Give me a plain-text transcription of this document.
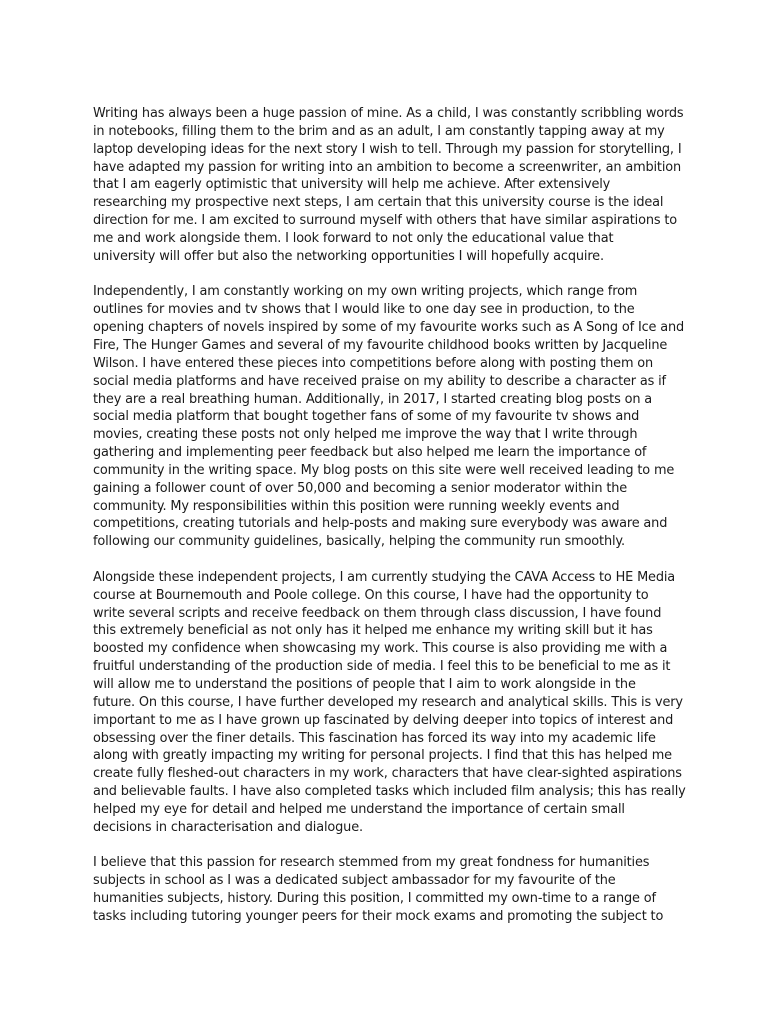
Writing has always been a huge passion of mine. As a child, I was constantly scribbling words
in notebooks, filling them to the brim and as an adult, I am constantly tapping away at my
laptop developing ideas for the next story I wish to tell. Through my passion for storytelling, I
have adapted my passion for writing into an ambition to become a screenwriter, an ambition
that I am eagerly optimistic that university will help me achieve. After extensively
researching my prospective next steps, I am certain that this university course is the ideal
direction for me. I am excited to surround myself with others that have similar aspirations to
me and work alongside them. I look forward to not only the educational value that
university will offer but also the networking opportunities I will hopefully acquire.

Independently, I am constantly working on my own writing projects, which range from
outlines for movies and tv shows that I would like to one day see in production, to the
opening chapters of novels inspired by some of my favourite works such as A Song of Ice and
Fire, The Hunger Games and several of my favourite childhood books written by Jacqueline
Wilson. I have entered these pieces into competitions before along with posting them on
social media platforms and have received praise on my ability to describe a character as if
they are a real breathing human. Additionally, in 2017, I started creating blog posts on a
social media platform that bought together fans of some of my favourite tv shows and
movies, creating these posts not only helped me improve the way that I write through
gathering and implementing peer feedback but also helped me learn the importance of
community in the writing space. My blog posts on this site were well received leading to me
gaining a follower count of over 50,000 and becoming a senior moderator within the
community. My responsibilities within this position were running weekly events and
competitions, creating tutorials and help-posts and making sure everybody was aware and
following our community guidelines, basically, helping the community run smoothly.

Alongside these independent projects, I am currently studying the CAVA Access to HE Media
course at Bournemouth and Poole college. On this course, I have had the opportunity to
write several scripts and receive feedback on them through class discussion, I have found
this extremely beneficial as not only has it helped me enhance my writing skill but it has
boosted my confidence when showcasing my work. This course is also providing me with a
fruitful understanding of the production side of media. I feel this to be beneficial to me as it
will allow me to understand the positions of people that I aim to work alongside in the
future. On this course, I have further developed my research and analytical skills. This is very
important to me as I have grown up fascinated by delving deeper into topics of interest and
obsessing over the finer details. This fascination has forced its way into my academic life
along with greatly impacting my writing for personal projects. I find that this has helped me
create fully fleshed-out characters in my work, characters that have clear-sighted aspirations
and believable faults. I have also completed tasks which included film analysis; this has really
helped my eye for detail and helped me understand the importance of certain small
decisions in characterisation and dialogue.

I believe that this passion for research stemmed from my great fondness for humanities
subjects in school as I was a dedicated subject ambassador for my favourite of the
humanities subjects, history. During this position, I committed my own-time to a range of
tasks including tutoring younger peers for their mock exams and promoting the subject to
